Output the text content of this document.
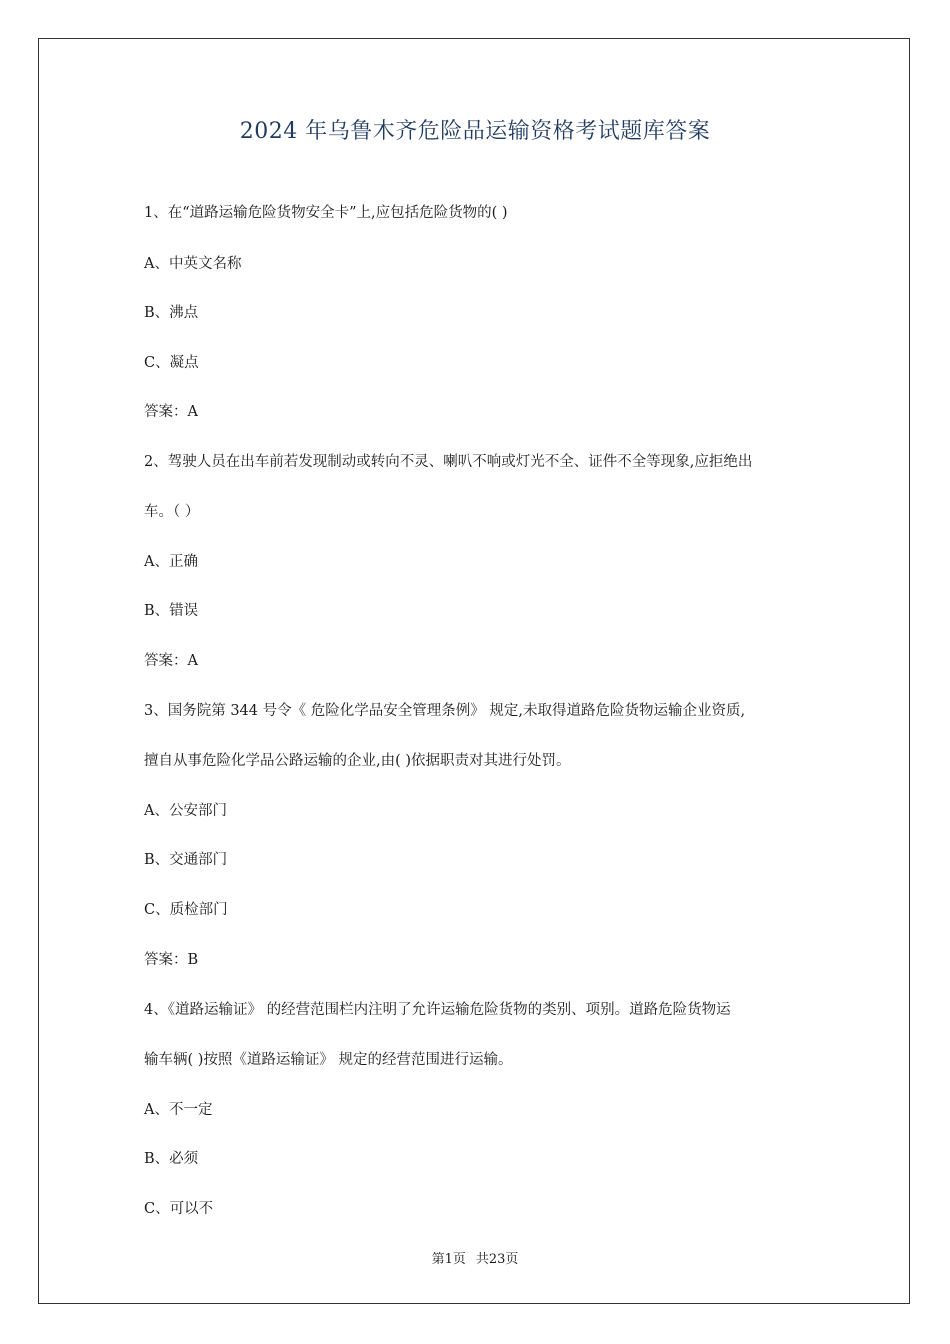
2024 年乌鲁木齐危险品运输资格考试题库答案
1、在“道路运输危险货物安全卡”上,应包括危险货物的( )
A、中英文名称
B、沸点
C、凝点
答案：A
2、驾驶人员在出车前若发现制动或转向不灵、喇叭不响或灯光不全、证件不全等现象,应拒绝出
车。（ ）
A、正确
B、错误
答案：A
3、国务院第 344 号令《 危险化学品安全管理条例》 规定,未取得道路危险货物运输企业资质,
擅自从事危险化学品公路运输的企业,由( )依据职责对其进行处罚。
A、公安部门
B、交通部门
C、质检部门
答案：B
4、《道路运输证》 的经营范围栏内注明了允许运输危险货物的类别、项别。道路危险货物运
输车辆( )按照《道路运输证》 规定的经营范围进行运输。
A、不一定
B、必须
C、可以不
第1页 共23页
